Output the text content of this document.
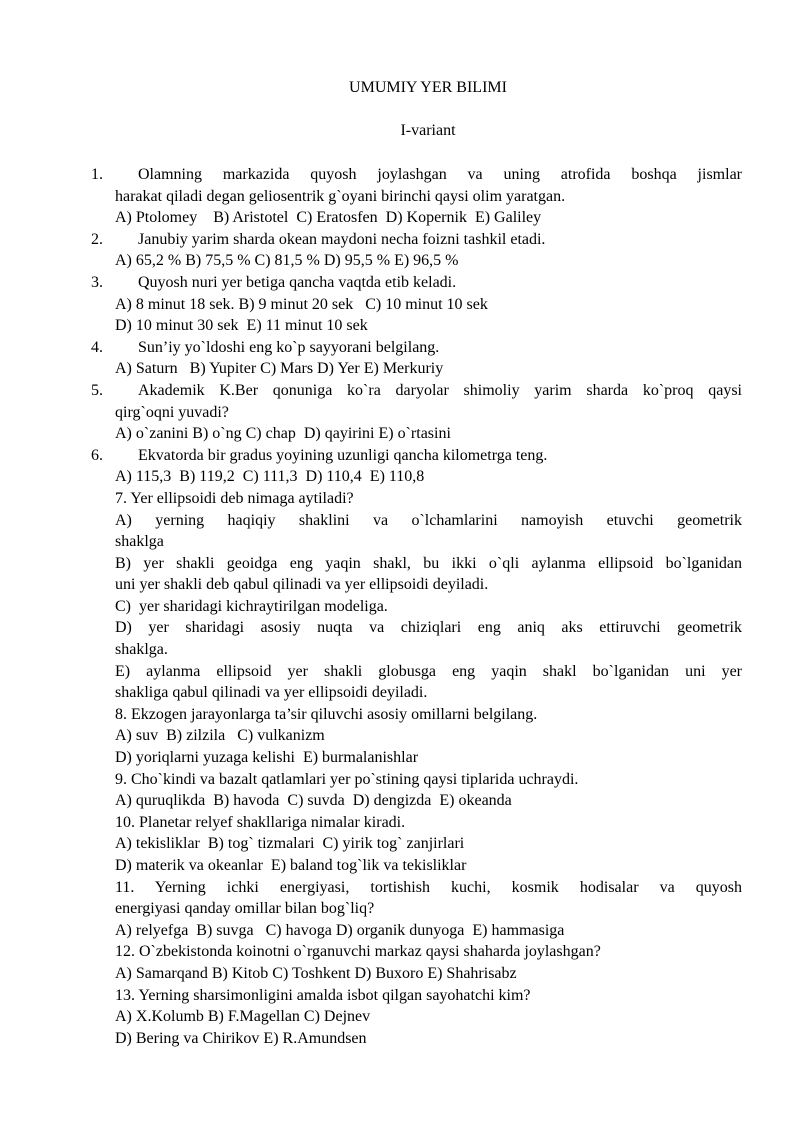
UMUMIY YER BILIMI
I-variant
1. Olamning markazida quyosh joylashgan va uning atrofida boshqa jismlar
harakat qiladi degan geliosentrik g`oyani birinchi qaysi olim yaratgan.
A) Ptolomey    B) Aristotel  C) Eratosfen  D) Kopernik  E) Galiley
2. Janubiy yarim sharda okean maydoni necha foizni tashkil etadi.
A) 65,2 % B) 75,5 % C) 81,5 % D) 95,5 % E) 96,5 %
3. Quyosh nuri yer betiga qancha vaqtda etib keladi.
A) 8 minut 18 sek. B) 9 minut 20 sek   C) 10 minut 10 sek
D) 10 minut 30 sek  E) 11 minut 10 sek
4. Sun’iy yo`ldoshi eng ko`p sayyorani belgilang.
A) Saturn   B) Yupiter C) Mars D) Yer E) Merkuriy
5. Akademik K.Ber qonuniga ko`ra daryolar shimoliy yarim sharda ko`proq qaysi
qirg`oqni yuvadi?
A) o`zanini B) o`ng C) chap  D) qayirini E) o`rtasini
6. Ekvatorda bir gradus yoyining uzunligi qancha kilometrga teng.
A) 115,3  B) 119,2  C) 111,3  D) 110,4  E) 110,8
7. Yer ellipsoidi deb nimaga aytiladi?
A) yerning haqiqiy shaklini va o`lchamlarini namoyish etuvchi geometrik
shaklga
B) yer shakli geoidga eng yaqin shakl, bu ikki o`qli aylanma ellipsoid bo`lganidan
uni yer shakli deb qabul qilinadi va yer ellipsoidi deyiladi.
C)  yer sharidagi kichraytirilgan modeliga.
D) yer sharidagi asosiy nuqta va chiziqlari eng aniq aks ettiruvchi geometrik
shaklga.
E) aylanma ellipsoid yer shakli globusga eng yaqin shakl bo`lganidan uni yer
shakliga qabul qilinadi va yer ellipsoidi deyiladi.
8. Ekzogen jarayonlarga ta’sir qiluvchi asosiy omillarni belgilang.
A) suv  B) zilzila   C) vulkanizm
D) yoriqlarni yuzaga kelishi  E) burmalanishlar
9. Cho`kindi va bazalt qatlamlari yer po`stining qaysi tiplarida uchraydi.
A) quruqlikda  B) havoda  C) suvda  D) dengizda  E) okeanda
10. Planetar relyef shakllariga nimalar kiradi.
A) tekisliklar  B) tog` tizmalari  C) yirik tog` zanjirlari
D) materik va okeanlar  E) baland tog`lik va tekisliklar
11. Yerning ichki energiyasi, tortishish kuchi, kosmik hodisalar va quyosh
energiyasi qanday omillar bilan bog`liq?
A) relyefga  B) suvga   C) havoga D) organik dunyoga  E) hammasiga
12. O`zbekistonda koinotni o`rganuvchi markaz qaysi shaharda joylashgan?
A) Samarqand B) Kitob C) Toshkent D) Buxoro E) Shahrisabz
13. Yerning sharsimonligini amalda isbot qilgan sayohatchi kim?
A) X.Kolumb B) F.Magellan C) Dejnev
D) Bering va Chirikov E) R.Amundsen
